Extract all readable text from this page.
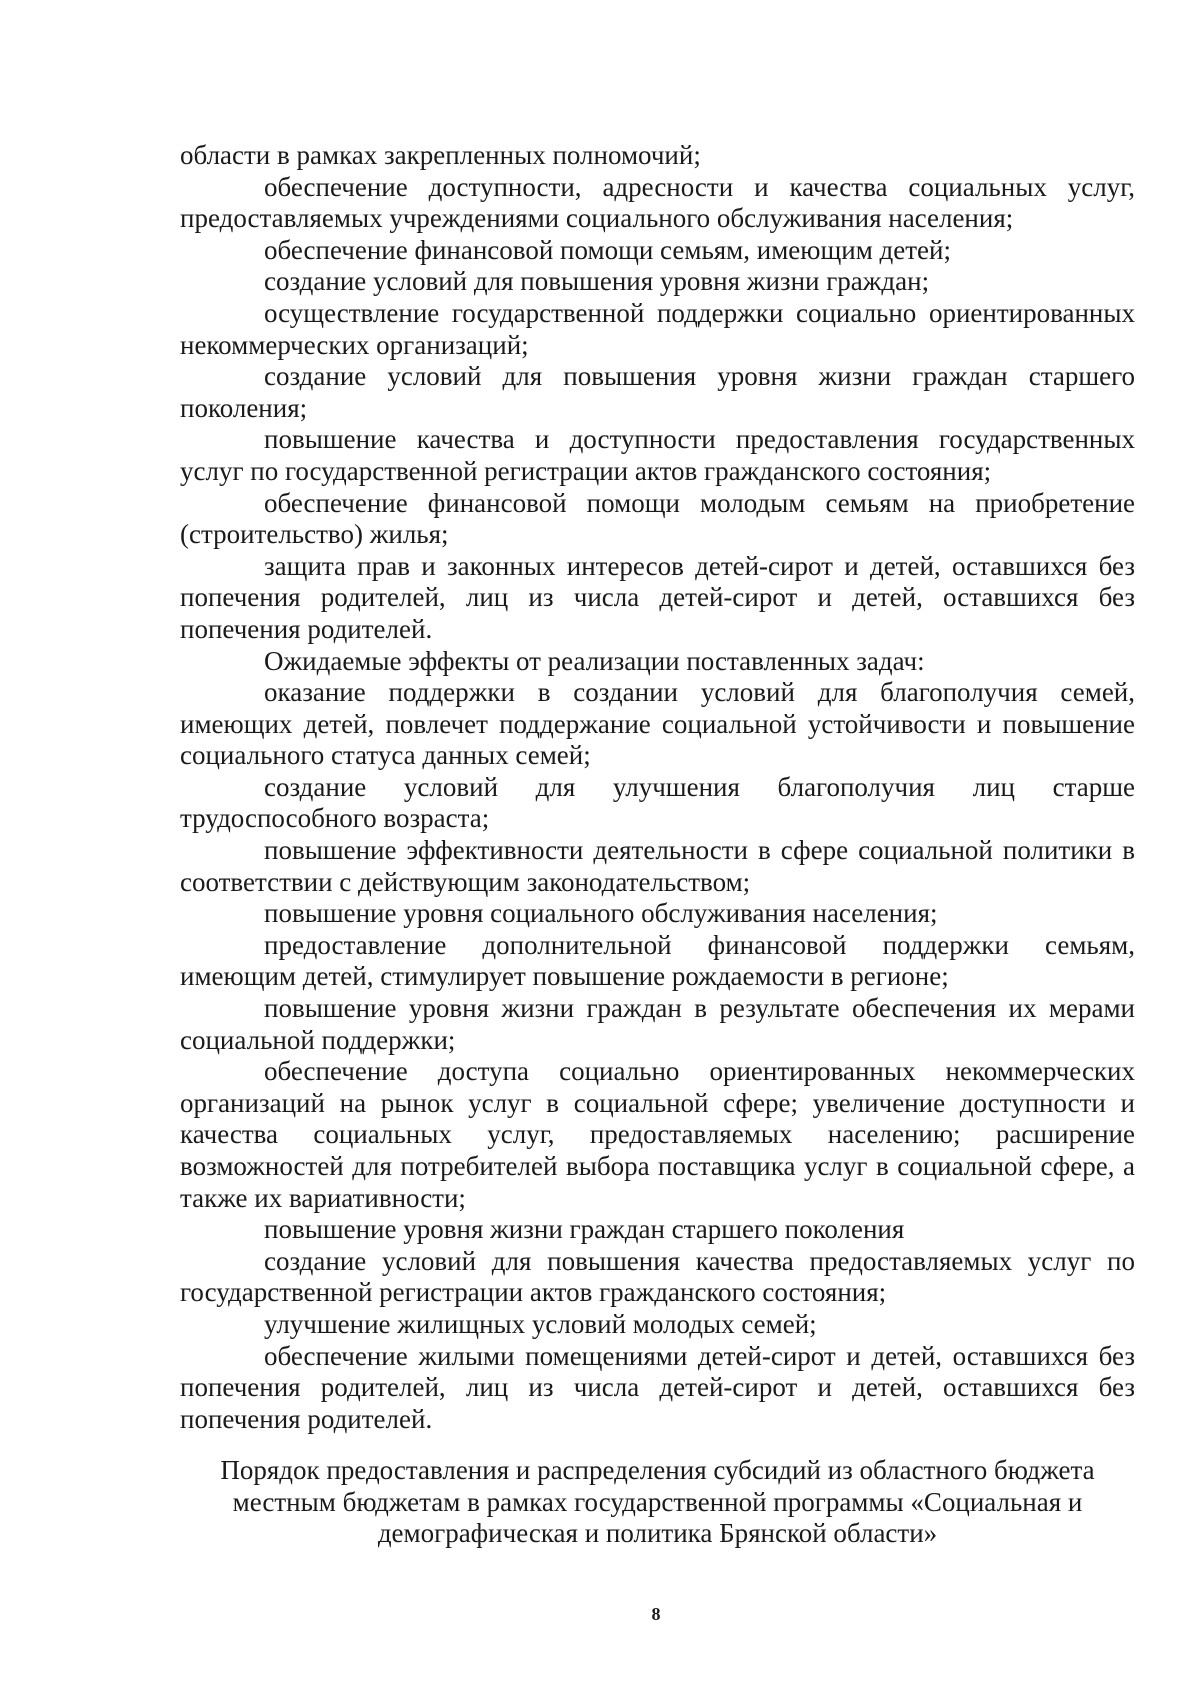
области в рамках закрепленных полномочий;

обеспечение доступности, адресности и качества социальных услуг, предоставляемых учреждениями социального обслуживания населения;

обеспечение финансовой помощи семьям, имеющим детей;

создание условий для повышения уровня жизни граждан;

осуществление государственной поддержки социально ориентированных некоммерческих организаций;

создание условий для повышения уровня жизни граждан старшего поколения;

повышение качества и доступности предоставления государственных услуг по государственной регистрации актов гражданского состояния;

обеспечение финансовой помощи молодым семьям на приобретение (строительство) жилья;

защита прав и законных интересов детей-сирот и детей, оставшихся без попечения родителей, лиц из числа детей-сирот и детей, оставшихся без попечения родителей.

Ожидаемые эффекты от реализации поставленных задач:

оказание поддержки в создании условий для благополучия семей, имеющих детей, повлечет поддержание социальной устойчивости и повышение социального статуса данных семей;

создание условий для улучшения благополучия лиц старше трудоспособного возраста;

повышение эффективности деятельности в сфере социальной политики в соответствии с действующим законодательством;

повышение уровня социального обслуживания населения;

предоставление дополнительной финансовой поддержки семьям, имеющим детей, стимулирует повышение рождаемости в регионе;

повышение уровня жизни граждан в результате обеспечения их мерами социальной поддержки;

обеспечение доступа социально ориентированных некоммерческих организаций на рынок услуг в социальной сфере; увеличение доступности и качества социальных услуг, предоставляемых населению; расширение возможностей для потребителей выбора поставщика услуг в социальной сфере, а также их вариативности;

повышение уровня жизни граждан старшего поколения

создание условий для повышения качества предоставляемых услуг по государственной регистрации актов гражданского состояния;

улучшение жилищных условий молодых семей;

обеспечение жилыми помещениями детей-сирот и детей, оставшихся без попечения родителей, лиц из числа детей-сирот и детей, оставшихся без попечения родителей.

Порядок предоставления и распределения субсидий из областного бюджета
местным бюджетам в рамках государственной программы «Социальная и
демографическая и политика Брянской области»
8
